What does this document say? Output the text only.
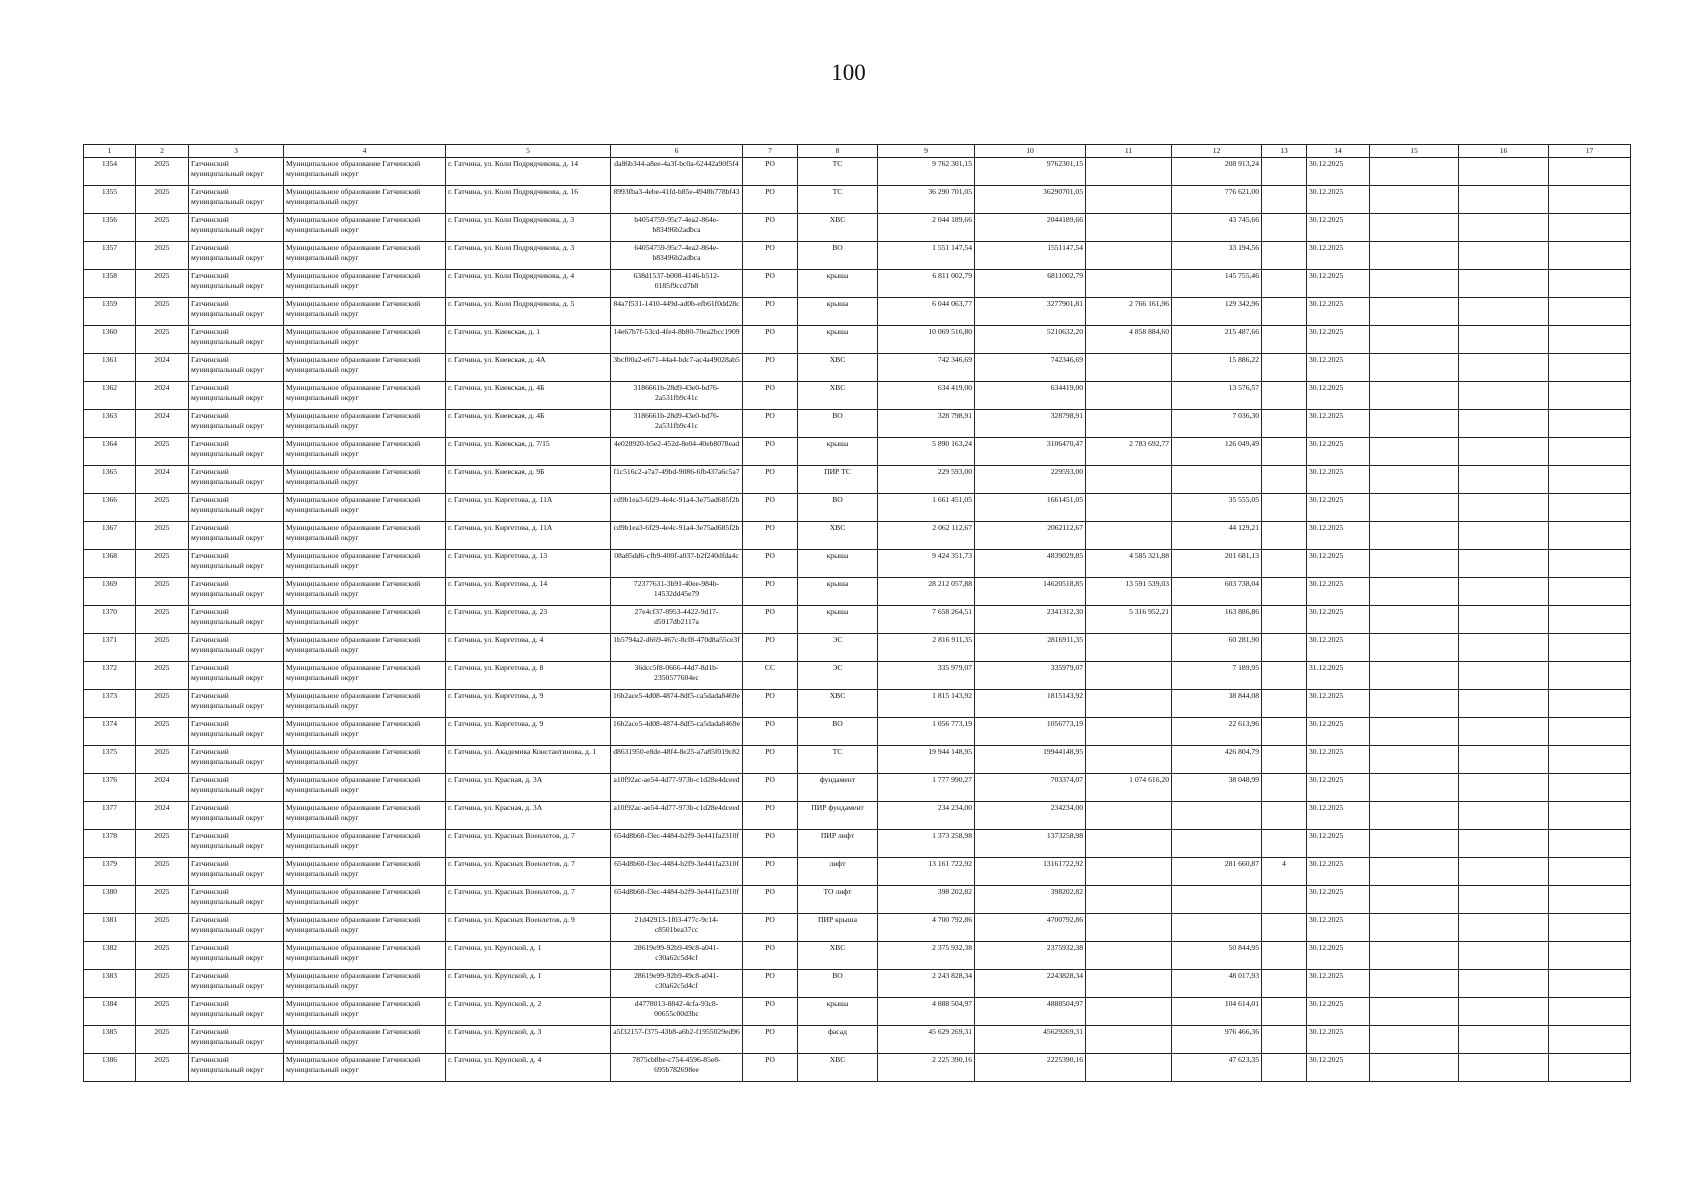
100
1	2	3	4	5	6	7	8	9	10	11	12	13	14	15	16	17
1354	2025	Гатчинский муниципальный округ	Муниципальное образование Гатчинский муниципальный округ	г. Гатчина, ул. Коли Подрядчикова, д. 14	da86b344-a8ee-4a3f-bc0a-62442a90f5f4	РО	ТС	9 762 301,15	9762301,15		208 913,24		30.12.2025			
1355	2025	Гатчинский муниципальный округ	Муниципальное образование Гатчинский муниципальный округ	г. Гатчина, ул. Коли Подрядчикова, д. 16	8993fba3-4ebe-41fd-b85e-4948b778bf43	РО	ТС	36 290 701,05	36290701,05		776 621,00		30.12.2025			
1356	2025	Гатчинский муниципальный округ	Муниципальное образование Гатчинский муниципальный округ	г. Гатчина, ул. Коли Подрядчикова, д. 3	b4054759-95c7-4ea2-864e-b83496b2adbca	РО	ХВС	2 044 189,66	2044189,66		43 745,66		30.12.2025			
1357	2025	Гатчинский муниципальный округ	Муниципальное образование Гатчинский муниципальный округ	г. Гатчина, ул. Коли Подрядчикова, д. 3	64054759-95c7-4ea2-864e-b83496b2adbca	РО	ВО	1 551 147,54	1551147,54		33 194,56		30.12.2025			
1358	2025	Гатчинский муниципальный округ	Муниципальное образование Гатчинский муниципальный округ	г. Гатчина, ул. Коли Подрядчикова, д. 4	638d1537-b008-4146-b512-0185f9ccd7b8	РО	крыша	6 811 002,79	6811002,79		145 755,46		30.12.2025			
1359	2025	Гатчинский муниципальный округ	Муниципальное образование Гатчинский муниципальный округ	г. Гатчина, ул. Коли Подрядчикова, д. 5	84a7f531-1410-449d-ad0b-efb61f0dd28c	РО	крыша	6 044 063,77	3277901,81	2 766 161,96	129 342,96		30.12.2025			
1360	2025	Гатчинский муниципальный округ	Муниципальное образование Гатчинский муниципальный округ	г. Гатчина, ул. Киевская, д. 1	14e67b7f-53cd-4fe4-8b80-70ea2bcc1909	РО	крыша	10 069 516,80	5210632,20	4 858 884,60	215 487,66		30.12.2025			
1361	2024	Гатчинский муниципальный округ	Муниципальное образование Гатчинский муниципальный округ	г. Гатчина, ул. Киевская, д. 4А	3bcf00a2-e671-44a4-bdc7-ac4a49028ab5	РО	ХВС	742 346,69	742346,69		15 886,22		30.12.2025			
1362	2024	Гатчинский муниципальный округ	Муниципальное образование Гатчинский муниципальный округ	г. Гатчина, ул. Киевская, д. 4Б	3186661b-28d9-43e0-bd76-2a531fb9c41c	РО	ХВС	634 419,00	634419,00		13 576,57		30.12.2025			
1363	2024	Гатчинский муниципальный округ	Муниципальное образование Гатчинский муниципальный округ	г. Гатчина, ул. Киевская, д. 4Б	3186661b-28d9-43e0-bd76-2a531fb9c41c	РО	ВО	328 798,91	328798,91		7 036,30		30.12.2025			
1364	2025	Гатчинский муниципальный округ	Муниципальное образование Гатчинский муниципальный округ	г. Гатчина, ул. Киевская, д. 7/15	4e028920-b5e2-452d-8e04-40eb8078ead	РО	крыша	5 890 163,24	3106470,47	2 783 692,77	126 049,49		30.12.2025			
1365	2024	Гатчинский муниципальный округ	Муниципальное образование Гатчинский муниципальный округ	г. Гатчина, ул. Киевская, д. 9Б	f1c516c2-a7a7-49bd-9086-6fb437a6c5a7	РО	ПИР ТС	229 593,00	229593,00				30.12.2025			
1366	2025	Гатчинский муниципальный округ	Муниципальное образование Гатчинский муниципальный округ	г. Гатчина, ул. Киргетова, д. 11А	cd9b1ea3-6f29-4e4c-91a4-3e75ad685f2b	РО	ВО	1 661 451,05	1661451,05		35 555,05		30.12.2025			
1367	2025	Гатчинский муниципальный округ	Муниципальное образование Гатчинский муниципальный округ	г. Гатчина, ул. Киргетова, д. 11А	cd9b1ea3-6f29-4e4c-91a4-3e75ad685f2b	РО	ХВС	2 062 112,67	2062112,67		44 129,21		30.12.2025			
1368	2025	Гатчинский муниципальный округ	Муниципальное образование Гатчинский муниципальный округ	г. Гатчина, ул. Киргетова, д. 13	08a85dd6-cfb9-400f-a037-b2f240dfda4c	РО	крыша	9 424 351,73	4839029,85	4 585 321,88	201 681,13		30.12.2025			
1369	2025	Гатчинский муниципальный округ	Муниципальное образование Гатчинский муниципальный округ	г. Гатчина, ул. Киргетова, д. 14	72377631-3b91-40ee-984b-14532dd45e79	РО	крыша	28 212 057,88	14620518,85	13 591 539,03	603 738,04		30.12.2025			
1370	2025	Гатчинский муниципальный округ	Муниципальное образование Гатчинский муниципальный округ	г. Гатчина, ул. Киргетова, д. 23	27e4cf37-8953-4422-9d17-d5917db2117a	РО	крыша	7 658 264,51	2341312,30	5 316 952,21	163 886,86		30.12.2025			
1371	2025	Гатчинский муниципальный округ	Муниципальное образование Гатчинский муниципальный округ	г. Гатчина, ул. Киргетова, д. 4	1b5794a2-d669-467c-8cf8-470d8a55ce3f	РО	ЭС	2 816 911,35	2816911,35		60 281,90		30.12.2025			
1372	2025	Гатчинский муниципальный округ	Муниципальное образование Гатчинский муниципальный округ	г. Гатчина, ул. Киргетова, д. 8	36dcc5f8-0666-44d7-8d1b-2350577604ec	СС	ЭС	335 979,07	335979,07		7 189,95		31.12.2025			
1373	2025	Гатчинский муниципальный округ	Муниципальное образование Гатчинский муниципальный округ	г. Гатчина, ул. Киргетова, д. 9	16b2ace5-4d08-4874-8df5-ca5dada8469e	РО	ХВС	1 815 143,92	1815143,92		38 844,08		30.12.2025			
1374	2025	Гатчинский муниципальный округ	Муниципальное образование Гатчинский муниципальный округ	г. Гатчина, ул. Киргетова, д. 9	16b2ace5-4d08-4874-8df5-ca5dada8469e	РО	ВО	1 056 773,19	1056773,19		22 613,96		30.12.2025			
1375	2025	Гатчинский муниципальный округ	Муниципальное образование Гатчинский муниципальный округ	г. Гатчина, ул. Академика Константинова, д. 1	d8631950-e8de-48f4-8e25-a7a85f019c82	РО	ТС	19 944 148,95	19944148,95		426 804,79		30.12.2025			
1376	2024	Гатчинский муниципальный округ	Муниципальное образование Гатчинский муниципальный округ	г. Гатчина, ул. Красная, д. 3А	a10f92ac-ae54-4d77-973b-c1d28e4dceed	РО	фундамент	1 777 990,27	703374,07	1 074 616,20	38 048,99		30.12.2025			
1377	2024	Гатчинский муниципальный округ	Муниципальное образование Гатчинский муниципальный округ	г. Гатчина, ул. Красная, д. 3А	a10f92ac-ae54-4d77-973b-c1d28e4dceed	РО	ПИР фундамент	234 234,00	234234,00				30.12.2025			
1378	2025	Гатчинский муниципальный округ	Муниципальное образование Гатчинский муниципальный округ	г. Гатчина, ул. Красных Военлетов, д. 7	654d8b60-f3ec-4484-b2f9-3e441fa2310f	РО	ПИР лифт	1 373 258,98	1373258,98				30.12.2025			
1379	2025	Гатчинский муниципальный округ	Муниципальное образование Гатчинский муниципальный округ	г. Гатчина, ул. Красных Военлетов, д. 7	654d8b60-f3ec-4484-b2f9-3e441fa2310f	РО	лифт	13 161 722,92	13161722,92		281 660,87	4	30.12.2025			
1380	2025	Гатчинский муниципальный округ	Муниципальное образование Гатчинский муниципальный округ	г. Гатчина, ул. Красных Военлетов, д. 7	654d8b60-f3ec-4484-b2f9-3e441fa2310f	РО	ТО лифт	398 202,82	398202,82				30.12.2025			
1381	2025	Гатчинский муниципальный округ	Муниципальное образование Гатчинский муниципальный округ	г. Гатчина, ул. Красных Военлетов, д. 9	21d42913-1f03-477c-9c14-c8501bea37cc	РО	ПИР крыша	4 700 792,86	4700792,86				30.12.2025			
1382	2025	Гатчинский муниципальный округ	Муниципальное образование Гатчинский муниципальный округ	г. Гатчина, ул. Крупской, д. 1	28619e99-92b9-49c8-a041-c30a62c5d4cf	РО	ХВС	2 375 932,38	2375932,38		50 844,95		30.12.2025			
1383	2025	Гатчинский муниципальный округ	Муниципальное образование Гатчинский муниципальный округ	г. Гатчина, ул. Крупской, д. 1	28619e99-92b9-49c8-a041-c30a62c5d4cf	РО	ВО	2 243 828,34	2243828,34		48 017,93		30.12.2025			
1384	2025	Гатчинский муниципальный округ	Муниципальное образование Гатчинский муниципальный округ	г. Гатчина, ул. Крупской, д. 2	d4778013-8842-4cfa-93c8-00655c00d3bc	РО	крыша	4 888 504,97	4888504,97		104 614,01		30.12.2025			
1385	2025	Гатчинский муниципальный округ	Муниципальное образование Гатчинский муниципальный округ	г. Гатчина, ул. Крупской, д. 3	a5f32157-f375-43b8-a6b2-f1955029ed96	РО	фасад	45 629 269,31	45629269,31		976 466,36		30.12.2025			
1386	2025	Гатчинский муниципальный округ	Муниципальное образование Гатчинский муниципальный округ	г. Гатчина, ул. Крупской, д. 4	7875cb8be-c754-4596-85e8-695b782698ee	РО	ХВС	2 225 390,16	2225390,16		47 623,35		30.12.2025			
